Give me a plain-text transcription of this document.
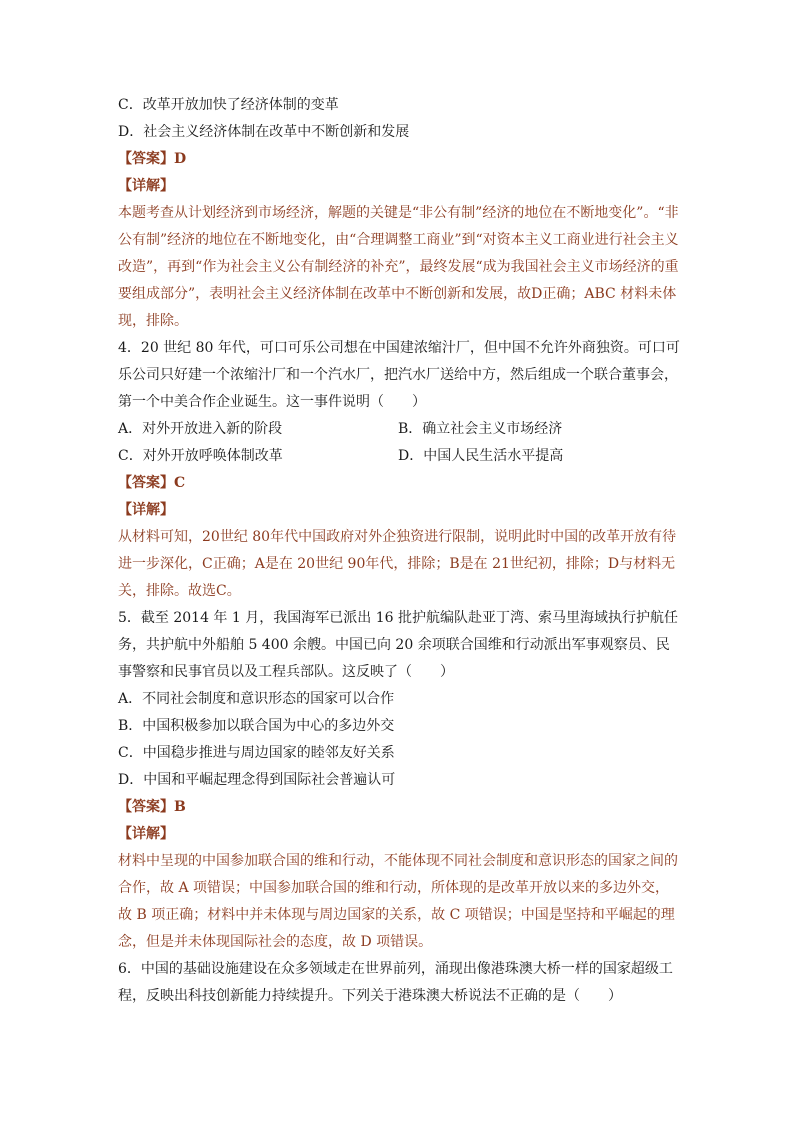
C．改革开放加快了经济体制的变革
D．社会主义经济体制在改革中不断创新和发展
【答案】D
【详解】
本题考查从计划经济到市场经济，解题的关键是“非公有制”经济的地位在不断地变化”。“非公有制”经济的地位在不断地变化，由“合理调整工商业”到“对资本主义工商业进行社会主义改造”，再到“作为社会主义公有制经济的补充”，最终发展“成为我国社会主义市场经济的重要组成部分”，表明社会主义经济体制在改革中不断创新和发展，故D正确；ABC 材料未体现，排除。
4．20 世纪 80 年代，可口可乐公司想在中国建浓缩汁厂，但中国不允许外商独资。可口可乐公司只好建一个浓缩汁厂和一个汽水厂，把汽水厂送给中方，然后组成一个联合董事会，第一个中美合作企业诞生。这一事件说明（　　）
A．对外开放进入新的阶段	B．确立社会主义市场经济
C．对外开放呼唤体制改革	D．中国人民生活水平提高
【答案】C
【详解】
从材料可知，20世纪 80年代中国政府对外企独资进行限制，说明此时中国的改革开放有待进一步深化，C正确；A是在 20世纪 90年代，排除；B是在 21世纪初，排除；D与材料无关，排除。故选C。
5．截至 2014 年 1 月，我国海军已派出 16 批护航编队赴亚丁湾、索马里海域执行护航任务，共护航中外船舶 5 400 余艘。中国已向 20 余项联合国维和行动派出军事观察员、民事警察和民事官员以及工程兵部队。这反映了（　　）
A．不同社会制度和意识形态的国家可以合作
B．中国积极参加以联合国为中心的多边外交
C．中国稳步推进与周边国家的睦邻友好关系
D．中国和平崛起理念得到国际社会普遍认可
【答案】B
【详解】
材料中呈现的中国参加联合国的维和行动，不能体现不同社会制度和意识形态的国家之间的合作，故 A 项错误；中国参加联合国的维和行动，所体现的是改革开放以来的多边外交，故 B 项正确；材料中并未体现与周边国家的关系，故 C 项错误；中国是坚持和平崛起的理念，但是并未体现国际社会的态度，故 D 项错误。
6．中国的基础设施建设在众多领域走在世界前列，涌现出像港珠澳大桥一样的国家超级工程，反映出科技创新能力持续提升。下列关于港珠澳大桥说法不正确的是（　　）
